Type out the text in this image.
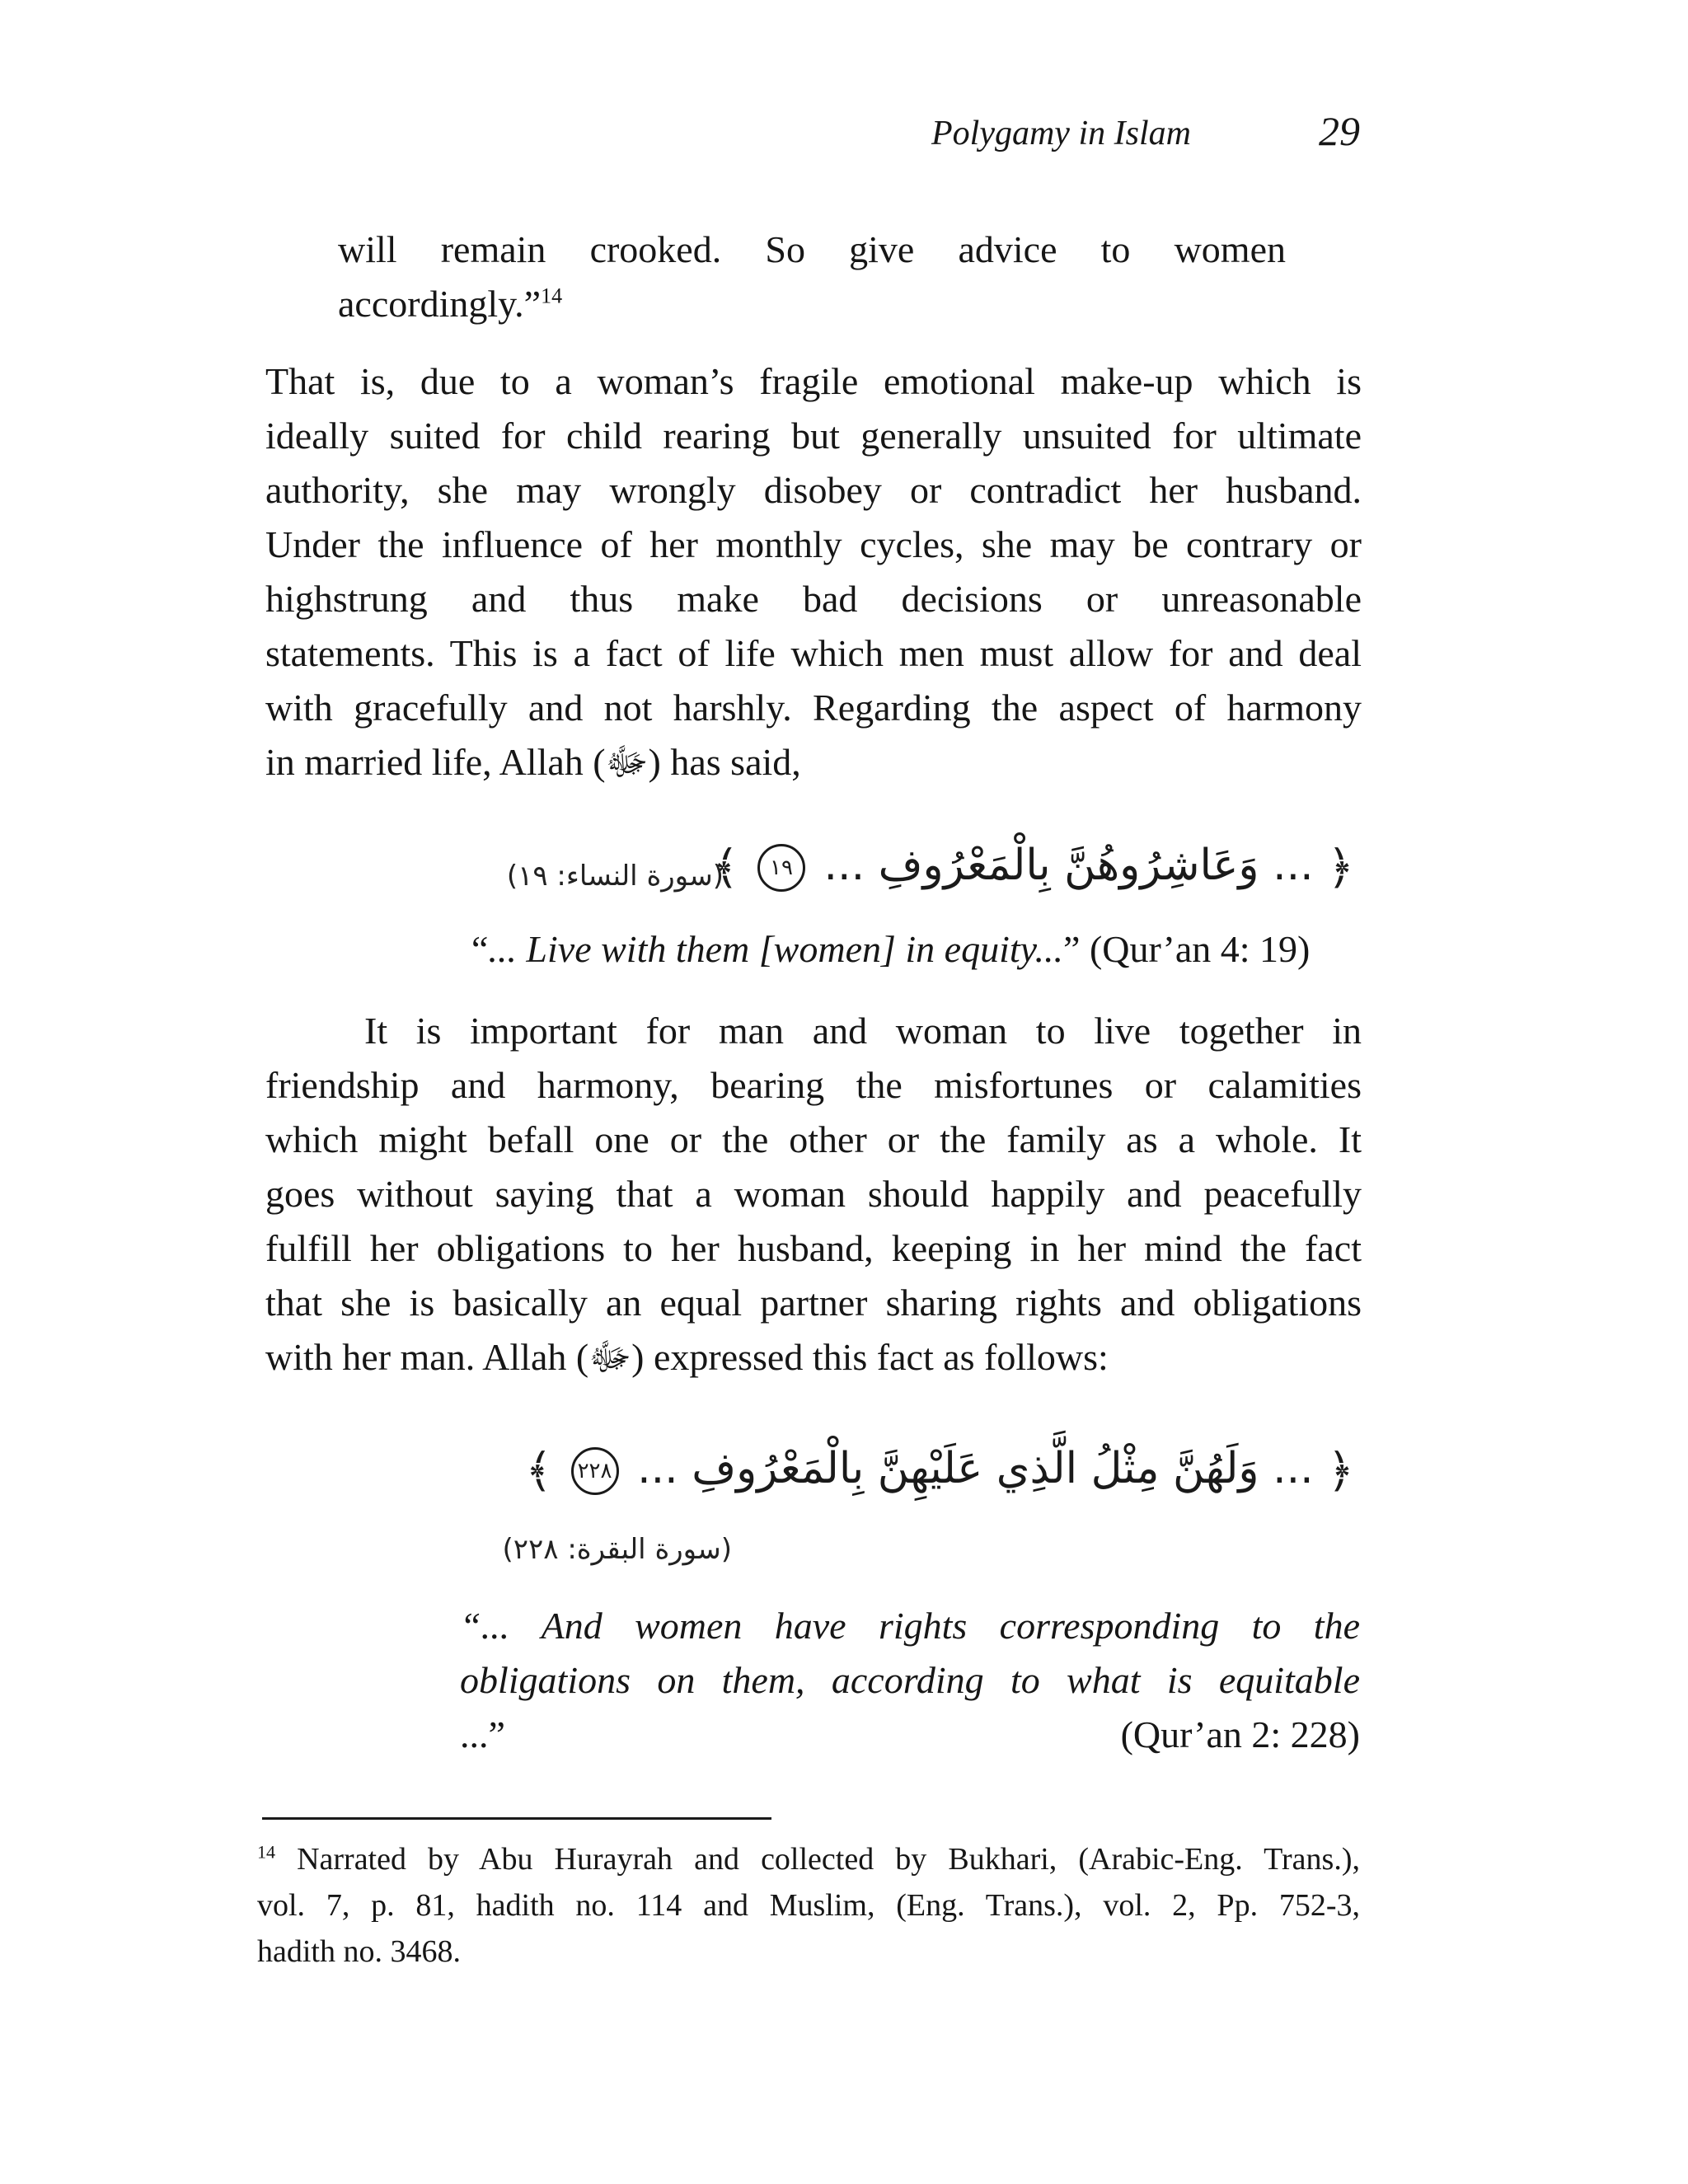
Polygamy in Islam	29
will remain crooked. So give advice to women
accordingly.”$^{14}$
That is, due to a woman’s fragile emotional make-up which is
ideally suited for child rearing but generally unsuited for ultimate
authority, she may wrongly disobey or contradict her husband.
Under the influence of her monthly cycles, she may be contrary or
highstrung and thus make bad decisions or unreasonable
statements. This is a fact of life which men must allow for and deal
with gracefully and not harshly. Regarding the aspect of harmony
in married life, Allah (ﷻ) has said,
﴿ ... وَعَاشِرُوهُنَّ بِالْمَعْرُوفِ ... ١٩ ﴾
(سورة النساء: ١٩)
“... Live with them [women] in equity...” (Qur’an 4: 19)
It is important for man and woman to live together in
friendship and harmony, bearing the misfortunes or calamities
which might befall one or the other or the family as a whole. It
goes without saying that a woman should happily and peacefully
fulfill her obligations to her husband, keeping in her mind the fact
that she is basically an equal partner sharing rights and obligations
with her man. Allah (ﷻ) expressed this fact as follows:
﴿ ... وَلَهُنَّ مِثْلُ الَّذِي عَلَيْهِنَّ بِالْمَعْرُوفِ ... ٢٢٨ ﴾
(سورة البقرة: ٢٢٨)
“... And women have rights corresponding to the
obligations on them, according to what is equitable
...”	(Qur’an 2: 228)
$^{14}$ Narrated by Abu Hurayrah and collected by Bukhari, (Arabic-Eng. Trans.),
vol. 7, p. 81, hadith no. 114 and Muslim, (Eng. Trans.), vol. 2, Pp. 752-3,
hadith no. 3468.
